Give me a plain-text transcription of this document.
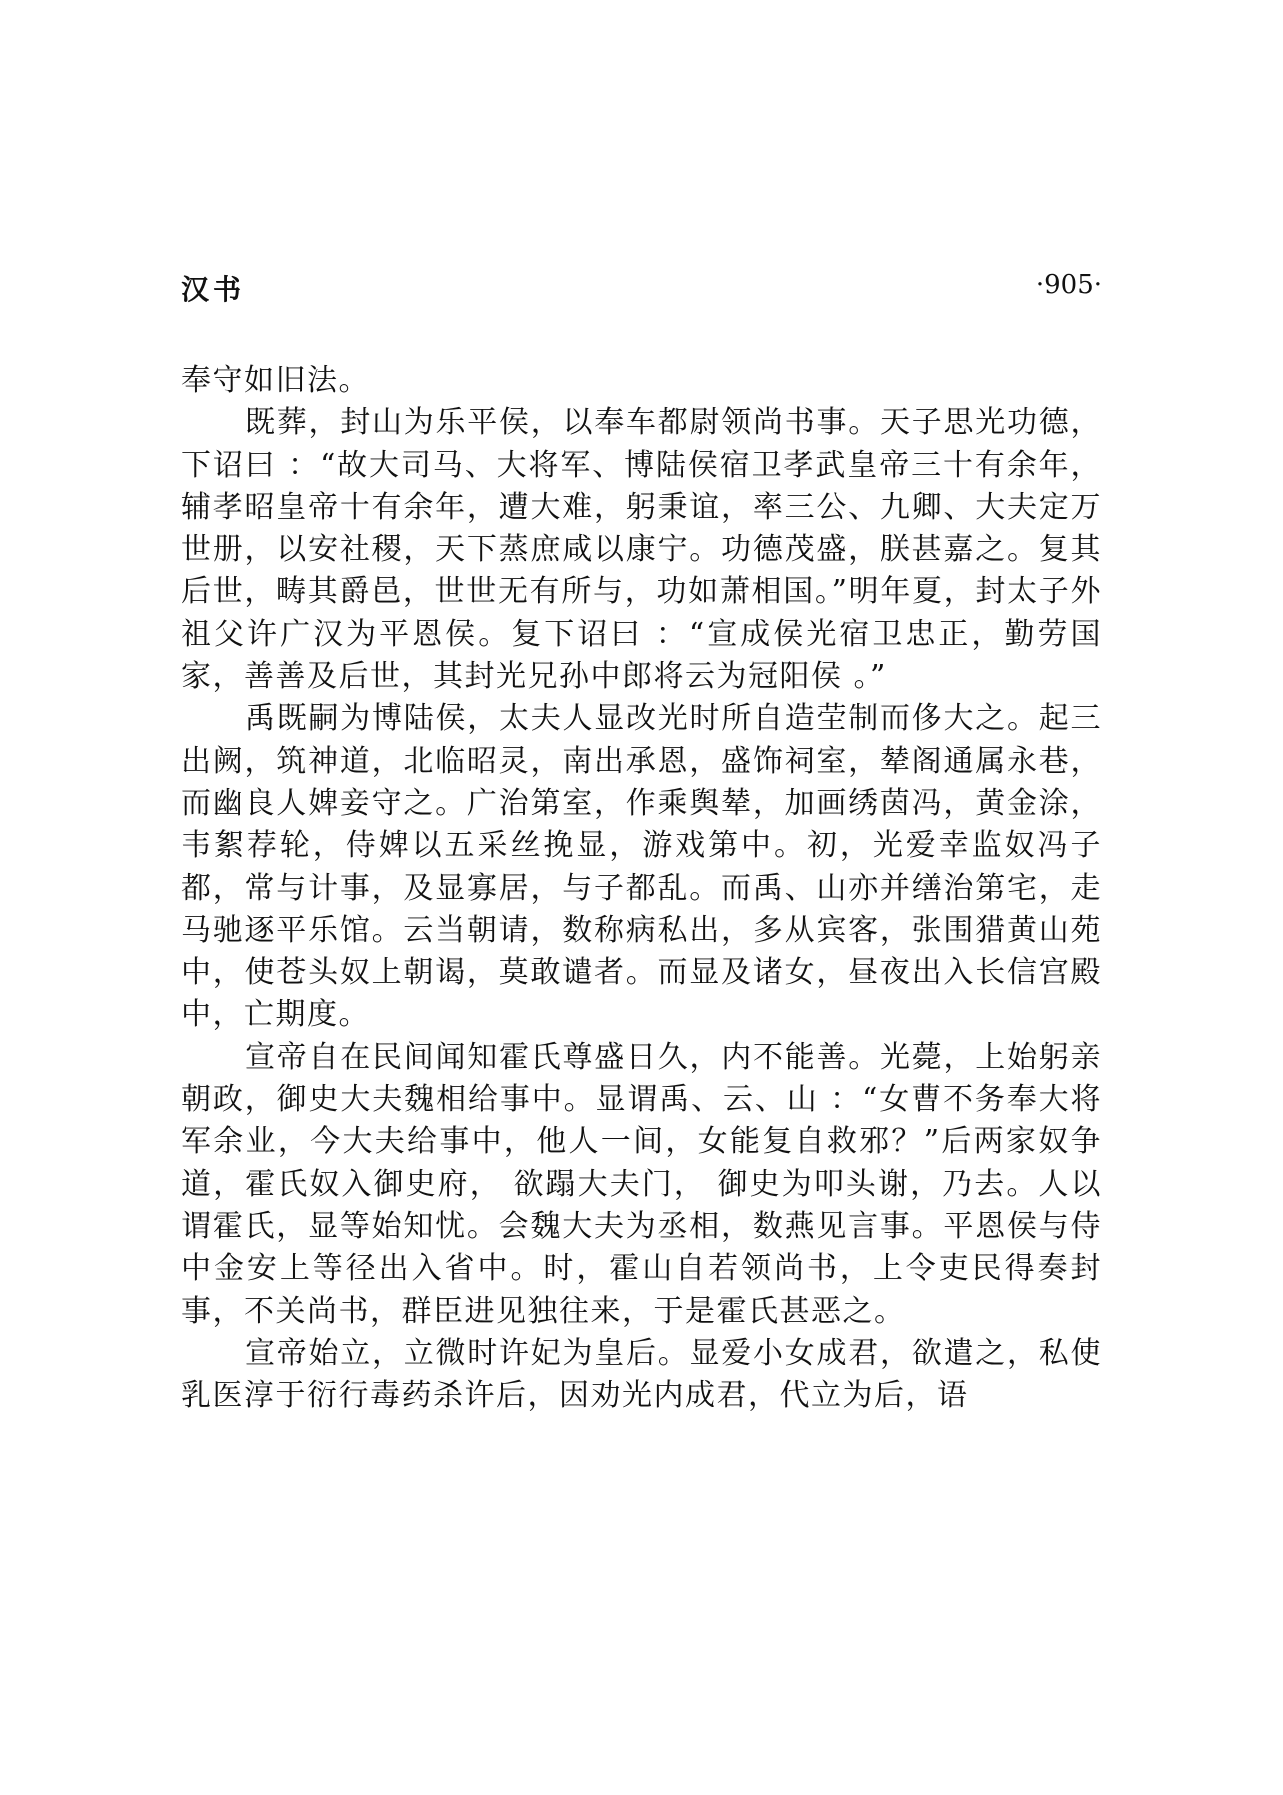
汉书	·905·

奉守如旧法。

既葬，封山为乐平侯，以奉车都尉领尚书事。天子思光功德，下诏曰 ：“故大司马、大将军、博陆侯宿卫孝武皇帝三十有余年，辅孝昭皇帝十有余年，遭大难，躬秉谊，率三公、九卿、大夫定万世册，以安社稷，天下蒸庶咸以康宁。功德茂盛，朕甚嘉之。复其后世，畴其爵邑，世世无有所与，功如萧相国。”明年夏，封太子外祖父许广汉为平恩侯。复下诏曰 ：“宣成侯光宿卫忠正，勤劳国家，善善及后世，其封光兄孙中郎将云为冠阳侯 。”

禹既嗣为博陆侯，太夫人显改光时所自造茔制而侈大之。起三出阙，筑神道，北临昭灵，南出承恩，盛饰祠室，辇阁通属永巷，而幽良人婢妾守之。广治第室，作乘舆辇，加画绣茵冯，黄金涂，韦絮荐轮，侍婢以五采丝挽显，游戏第中。初，光爱幸监奴冯子都，常与计事，及显寡居，与子都乱。而禹、山亦并缮治第宅，走马驰逐平乐馆。云当朝请，数称病私出，多从宾客，张围猎黄山苑中，使苍头奴上朝谒，莫敢谴者。而显及诸女，昼夜出入长信宫殿中，亡期度。

宣帝自在民间闻知霍氏尊盛日久，内不能善。光薨，上始躬亲朝政，御史大夫魏相给事中。显谓禹、云、山 ：“女曹不务奉大将军余业，今大夫给事中，他人一间，女能复自救邪？”后两家奴争道，霍氏奴入御史府， 欲蹋大夫门， 御史为叩头谢，乃去。人以谓霍氏，显等始知忧。会魏大夫为丞相，数燕见言事。平恩侯与侍中金安上等径出入省中。时，霍山自若领尚书，上令吏民得奏封事，不关尚书，群臣进见独往来，于是霍氏甚恶之。

宣帝始立，立微时许妃为皇后。显爱小女成君，欲遣之，私使乳医淳于衍行毒药杀许后，因劝光内成君，代立为后，语
